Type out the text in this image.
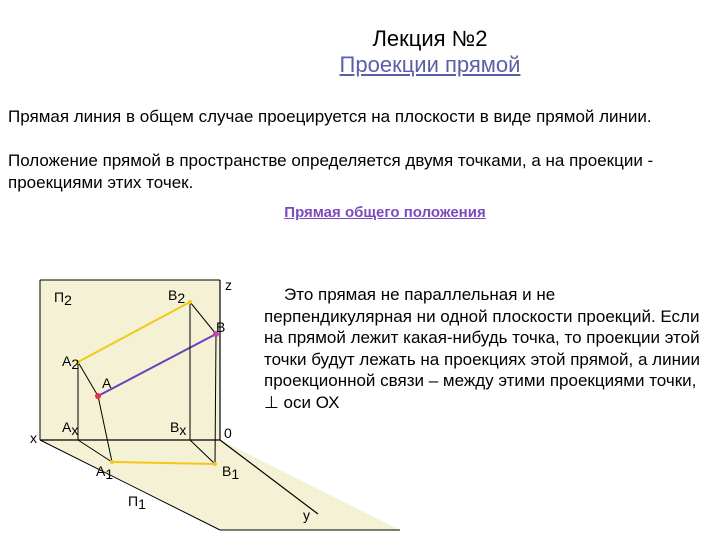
Лекция №2
Проекции прямой
Прямая линия в общем случае проецируется на плоскости в виде прямой линии.
Положение прямой в пространстве определяется двумя точками, а на проекции - проекциями этих точек.
Прямая общего положения
П2	B2
z
B
A2
A
x
Ax	Bx	0
A1	B1
П1
y
Это прямая не параллельная и не перпендикулярная ни одной плоскости проекций. Если на прямой лежит какая-нибудь точка, то проекции этой точки будут лежать на проекциях этой прямой, а линии проекционной связи – между этими проекциями точки, ⊥ оси ОХ
